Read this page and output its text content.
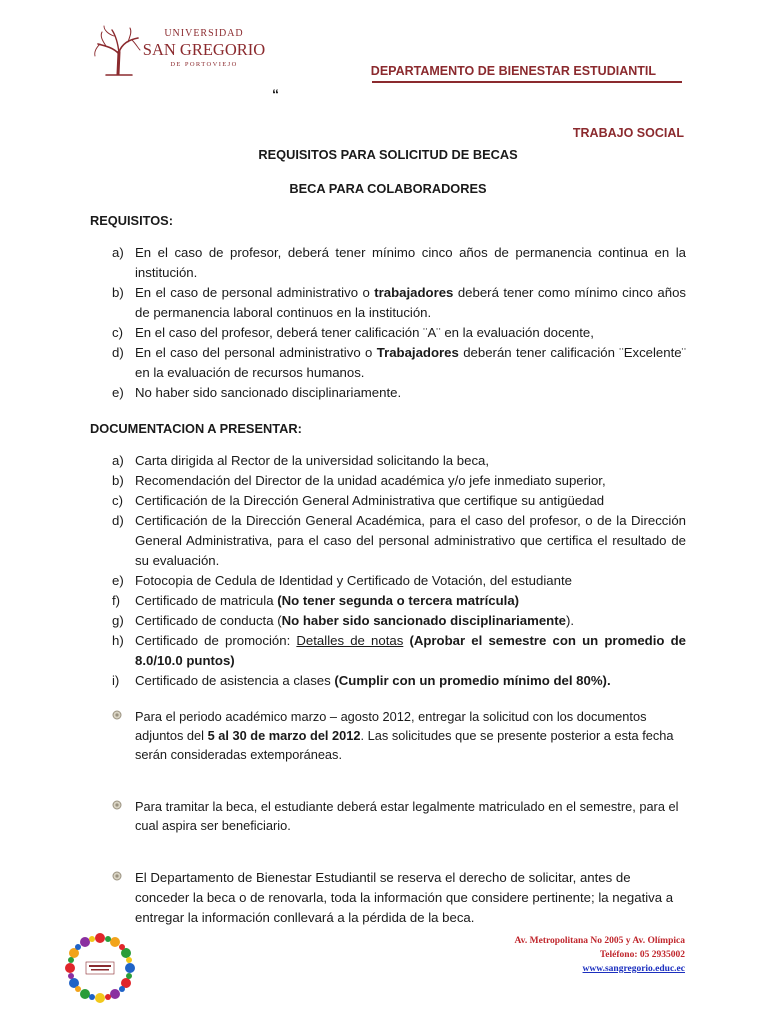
UNIVERSIDAD
SAN GREGORIO
DE PORTOVIEJO	DEPARTAMENTO DE BIENESTAR ESTUDIANTIL
“
TRABAJO SOCIAL
REQUISITOS PARA SOLICITUD DE BECAS
BECA PARA COLABORADORES
REQUISITOS:
a) En el caso de profesor, deberá tener mínimo cinco años de permanencia continua en la institución.
b) En el caso de personal administrativo o trabajadores deberá tener como mínimo cinco años de permanencia laboral continuos en la institución.
c) En el caso del profesor, deberá tener calificación ¨A¨ en la evaluación docente,
d) En el caso del personal administrativo o Trabajadores deberán tener calificación ¨Excelente¨ en la evaluación de recursos humanos.
e) No haber sido sancionado disciplinariamente.
DOCUMENTACION A PRESENTAR:
a) Carta dirigida al Rector de la universidad solicitando la beca,
b) Recomendación del Director de la unidad académica y/o jefe inmediato superior,
c) Certificación de la Dirección General Administrativa que certifique su antigüedad
d) Certificación de la Dirección General Académica, para el caso del profesor, o de la Dirección General Administrativa, para el caso del personal administrativo que certifica el resultado de su evaluación.
e) Fotocopia de Cedula de Identidad y Certificado de Votación, del estudiante
f) Certificado de matricula (No tener segunda o tercera matrícula)
g) Certificado de conducta (No haber sido sancionado disciplinariamente).
h) Certificado de promoción: Detalles de notas (Aprobar el semestre con un promedio de 8.0/10.0 puntos)
i) Certificado de asistencia a clases (Cumplir con un promedio mínimo del 80%).
Para el periodo académico marzo – agosto 2012, entregar la solicitud con los documentos adjuntos del 5 al 30 de marzo del 2012. Las solicitudes que se presente posterior a esta fecha serán consideradas extemporáneas.
Para tramitar la beca, el estudiante deberá estar legalmente matriculado en el semestre, para el cual aspira ser beneficiario.
El Departamento de Bienestar Estudiantil se reserva el derecho de solicitar, antes de conceder la beca o de renovarla, toda la información que considere pertinente; la negativa a entregar la información conllevará a la pérdida de la beca.
Av. Metropolitana No 2005 y Av. Olímpica
Teléfono: 05 2935002
www.sangregorio.educ.ec
